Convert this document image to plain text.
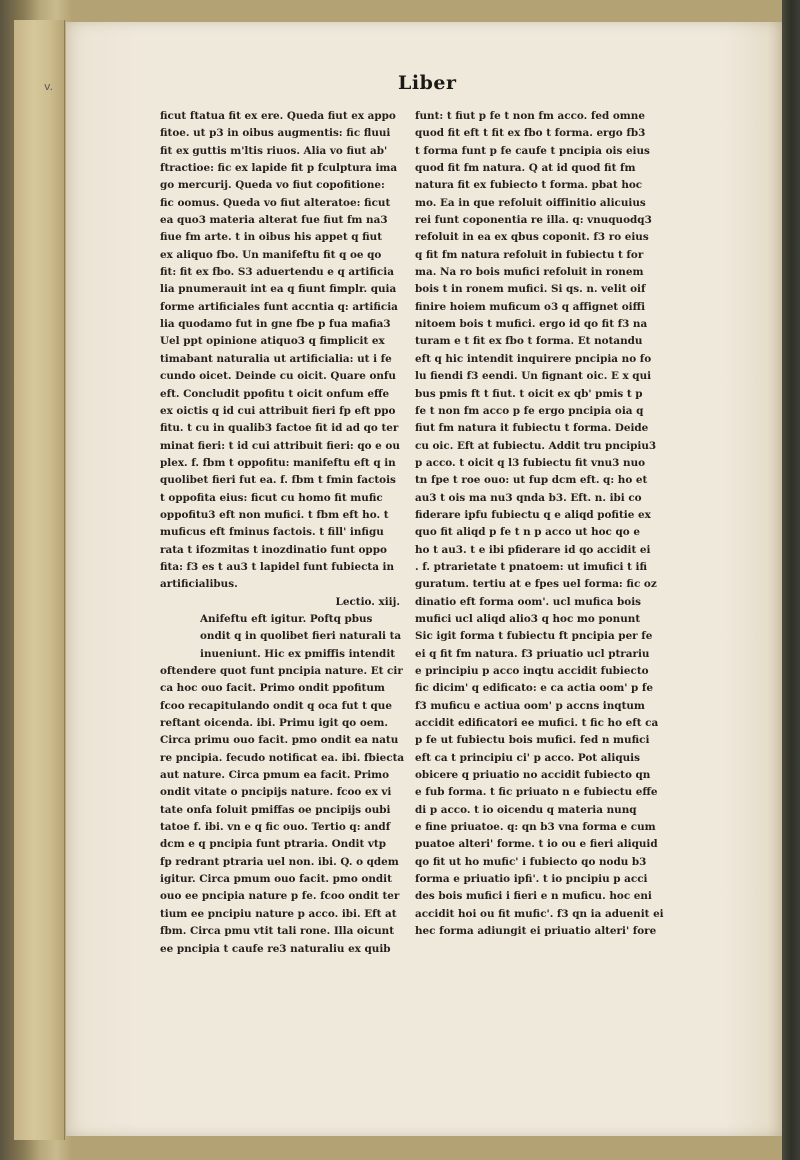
v.	Liber
ficut ftatua fit ex ere. Queda fiut ex appo
fitoe. ut p3 in oibus augmentis: fic fluui
fit ex guttis m'ltis riuos. Alia vo fiut ab'
ftractioe: fic ex lapide fit p fculptura ima
go mercurij. Queda vo fiut copofitione:
fic oomus. Queda vo fiut alteratoe: ficut
ea quo3 materia alterat fue fiut fm na3
fiue fm arte. t in oibus his appet q fiut
ex aliquo fbo. Un manifeftu fit q oe qo
fit: fit ex fbo. S3 aduertendu e q artificia
lia pnumerauit int ea q fiunt fimplr. quia
forme artificiales funt accntia q: artificia
lia quodamo fut in gne fbe p fua mafia3
Uel ppt opinione atiquo3 q fimplicit ex
timabant naturalia ut artificialia: ut i fe
cundo oicet. Deinde cu oicit. Quare onfu
eft. Concludit ppofitu t oicit onfum effe
ex oictis q id cui attribuit fieri fp eft ppo
fitu. t cu in qualib3 factoe fit id ad qo ter
minat fieri: t id cui attribuit fieri: qo e ou
plex. f. fbm t oppofitu: manifeftu eft q in
quolibet fieri fut ea. f. fbm t fmin factois
t oppofita eius: ficut cu homo fit mufic
oppofitu3 eft non mufici. t fbm eft ho. t
muficus eft fminus factois. t fill' infigu
rata t ifozmitas t inozdinatio funt oppo
fita: f3 es t au3 t lapidel funt fubiecta in
artificialibus.
Lectio. xiij.
Anifeftu eft igitur. Poftq pbus
ondit q in quolibet fieri naturali ta
inueniunt. Hic ex pmiffis intendit
oftendere quot funt pncipia nature. Et cir
ca hoc ouo facit. Primo ondit ppofitum
fcoo recapitulando ondit q oca fut t que
reftant oicenda. ibi. Primu igit qo oem.
Circa primu ouo facit. pmo ondit ea natu
re pncipia. fecudo notificat ea. ibi. fbiecta
aut nature. Circa pmum ea facit. Primo
ondit vitate o pncipijs nature. fcoo ex vi
tate onfa foluit pmiffas oe pncipijs oubi
tatoe f. ibi. vn e q fic ouo. Tertio q: andf
dcm e q pncipia funt ptraria. Ondit vtp
fp redrant ptraria uel non. ibi. Q. o qdem
igitur. Circa pmum ouo facit. pmo ondit
ouo ee pncipia nature p fe. fcoo ondit ter
tium ee pncipiu nature p acco. ibi. Eft at
fbm. Circa pmu vtit tali rone. Illa oicunt
ee pncipia t caufe re3 naturaliu ex quib
funt: t fiut p fe t non fm acco. fed omne
quod fit eft t fit ex fbo t forma. ergo fb3
t forma funt p fe caufe t pncipia ois eius
quod fit fm natura. Q at id quod fit fm
natura fit ex fubiecto t forma. pbat hoc
mo. Ea in que refoluit oiffinitio alicuius
rei funt coponentia re illa. q: vnuquodq3
refoluit in ea ex qbus coponit. f3 ro eius
q fit fm natura refoluit in fubiectu t for
ma. Na ro bois mufici refoluit in ronem
bois t in ronem mufici. Si qs. n. velit oif
finire hoiem muficum o3 q affignet oiffi
nitoem bois t mufici. ergo id qo fit f3 na
turam e t fit ex fbo t forma. Et notandu
eft q hic intendit inquirere pncipia no fo
lu fiendi f3 eendi. Un fignant oic. E x qui
bus pmis ft t fiut. t oicit ex qb' pmis t p
fe t non fm acco p fe ergo pncipia oia q
fiut fm natura it fubiectu t forma. Deide
cu oic. Eft at fubiectu. Addit tru pncipiu3
p acco. t oicit q l3 fubiectu fit vnu3 nuo
tn fpe t roe ouo: ut fup dcm eft. q: ho et
au3 t ois ma nu3 qnda b3. Eft. n. ibi co
fiderare ipfu fubiectu q e aliqd pofitie ex
quo fit aliqd p fe t n p acco ut hoc qo e
ho t au3. t e ibi pfiderare id qo accidit ei
. f. ptrarietate t pnatoem: ut imufici t ifi
guratum. tertiu at e fpes uel forma: fic oz
dinatio eft forma oom'. ucl mufica bois
mufici ucl aliqd alio3 q hoc mo ponunt
Sic igit forma t fubiectu ft pncipia per fe
ei q fit fm natura. f3 priuatio ucl ptrariu
e principiu p acco inqtu accidit fubiecto
fic dicim' q edificato: e ca actia oom' p fe
f3 muficu e actiua oom' p accns inqtum
accidit edificatori ee mufici. t fic ho eft ca
p fe ut fubiectu bois mufici. fed n mufici
eft ca t principiu ci' p acco. Pot aliquis
obicere q priuatio no accidit fubiecto qn
e fub forma. t fic priuato n e fubiectu effe
di p acco. t io oicendu q materia nunq
e fine priuatoe. q: qn b3 vna forma e cum
puatoe alteri' forme. t io ou e fieri aliquid
qo fit ut ho mufic' i fubiecto qo nodu b3
forma e priuatio ipfi'. t io pncipiu p acci
des bois mufici i fieri e n muficu. hoc eni
accidit hoi ou fit mufic'. f3 qn ia aduenit ei
hec forma adiungit ei priuatio alteri' fore
